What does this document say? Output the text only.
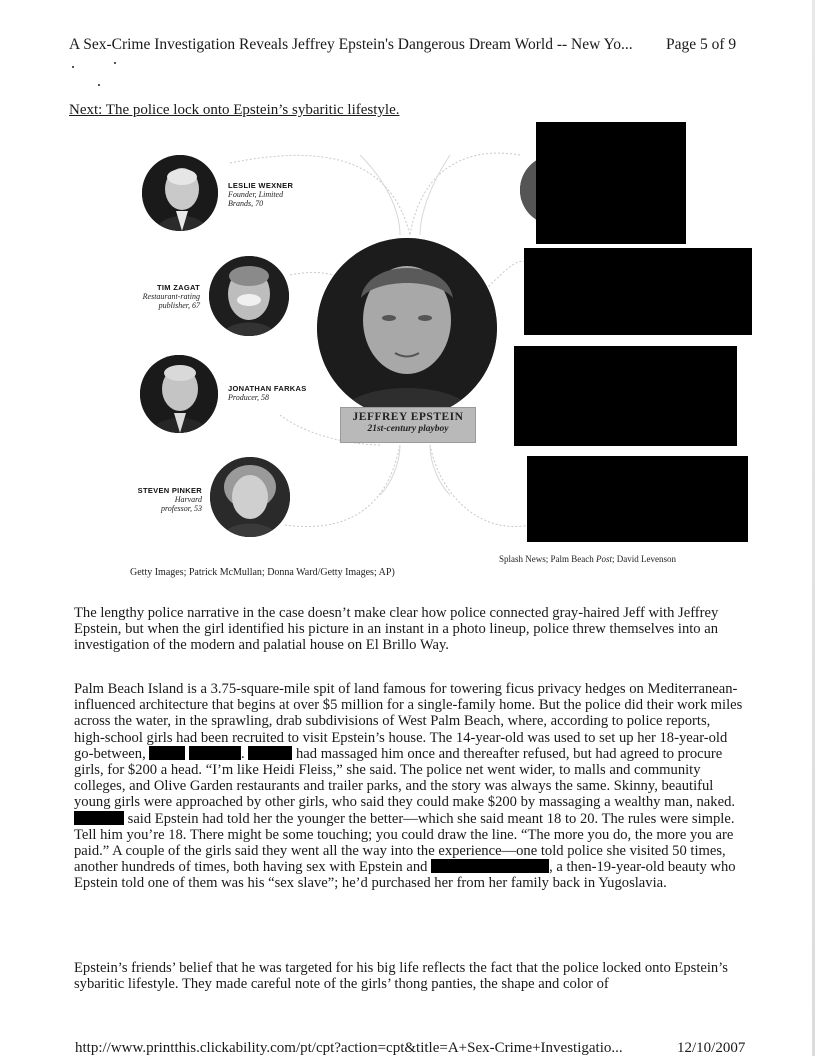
A Sex-Crime Investigation Reveals Jeffrey Epstein's Dangerous Dream World -- New Yo... Page 5 of 9
Next: The police lock onto Epstein’s sybaritic lifestyle.
LESLIE WEXNER
Founder, Limited
Brands, 70
TIM ZAGAT
Restaurant-rating
publisher, 67
JONATHAN FARKAS
Producer, 58
STEVEN PINKER
Harvard
professor, 53
JEFFREY EPSTEIN
21st-century playboy
Splash News; Palm Beach Post; David Levenson
Getty Images; Patrick McMullan; Donna Ward/Getty Images; AP)

The lengthy police narrative in the case doesn’t make clear how police connected gray-haired Jeff with Jeffrey Epstein, but when the girl identified his picture in an instant in a photo lineup, police threw themselves into an investigation of the modern and palatial house on El Brillo Way.

Palm Beach Island is a 3.75-square-mile spit of land famous for towering ficus privacy hedges on Mediterranean-influenced architecture that begins at over $5 million for a single-family home. But the police did their work miles across the water, in the sprawling, drab subdivisions of West Palm Beach, where, according to police reports, high-school girls had been recruited to visit Epstein’s house. The 14-year-old was used to set up her 18-year-old go-between,	.	had massaged him once and thereafter refused, but had agreed to procure girls, for $200 a head. “I’m like Heidi Fleiss,” she said. The police net went wider, to malls and community colleges, and Olive Garden restaurants and trailer parks, and the story was always the same. Skinny, beautiful young girls were approached by other girls, who said they could make $200 by massaging a wealthy man, naked.  said Epstein had told her the younger the better—which she said meant 18 to 20. The rules were simple. Tell him you’re 18. There might be some touching; you could draw the line. “The more you do, the more you are paid.” A couple of the girls said they went all the way into the experience—one told police she visited 50 times, another hundreds of times, both having sex with Epstein and	, a then-19-year-old beauty who Epstein told one of them was his “sex slave”; he’d purchased her from her family back in Yugoslavia.

Epstein’s friends’ belief that he was targeted for his big life reflects the fact that the police locked onto Epstein’s sybaritic lifestyle. They made careful note of the girls’ thong panties, the shape and color of

http://www.printthis.clickability.com/pt/cpt?action=cpt&title=A+Sex-Crime+Investigatio...	12/10/2007
